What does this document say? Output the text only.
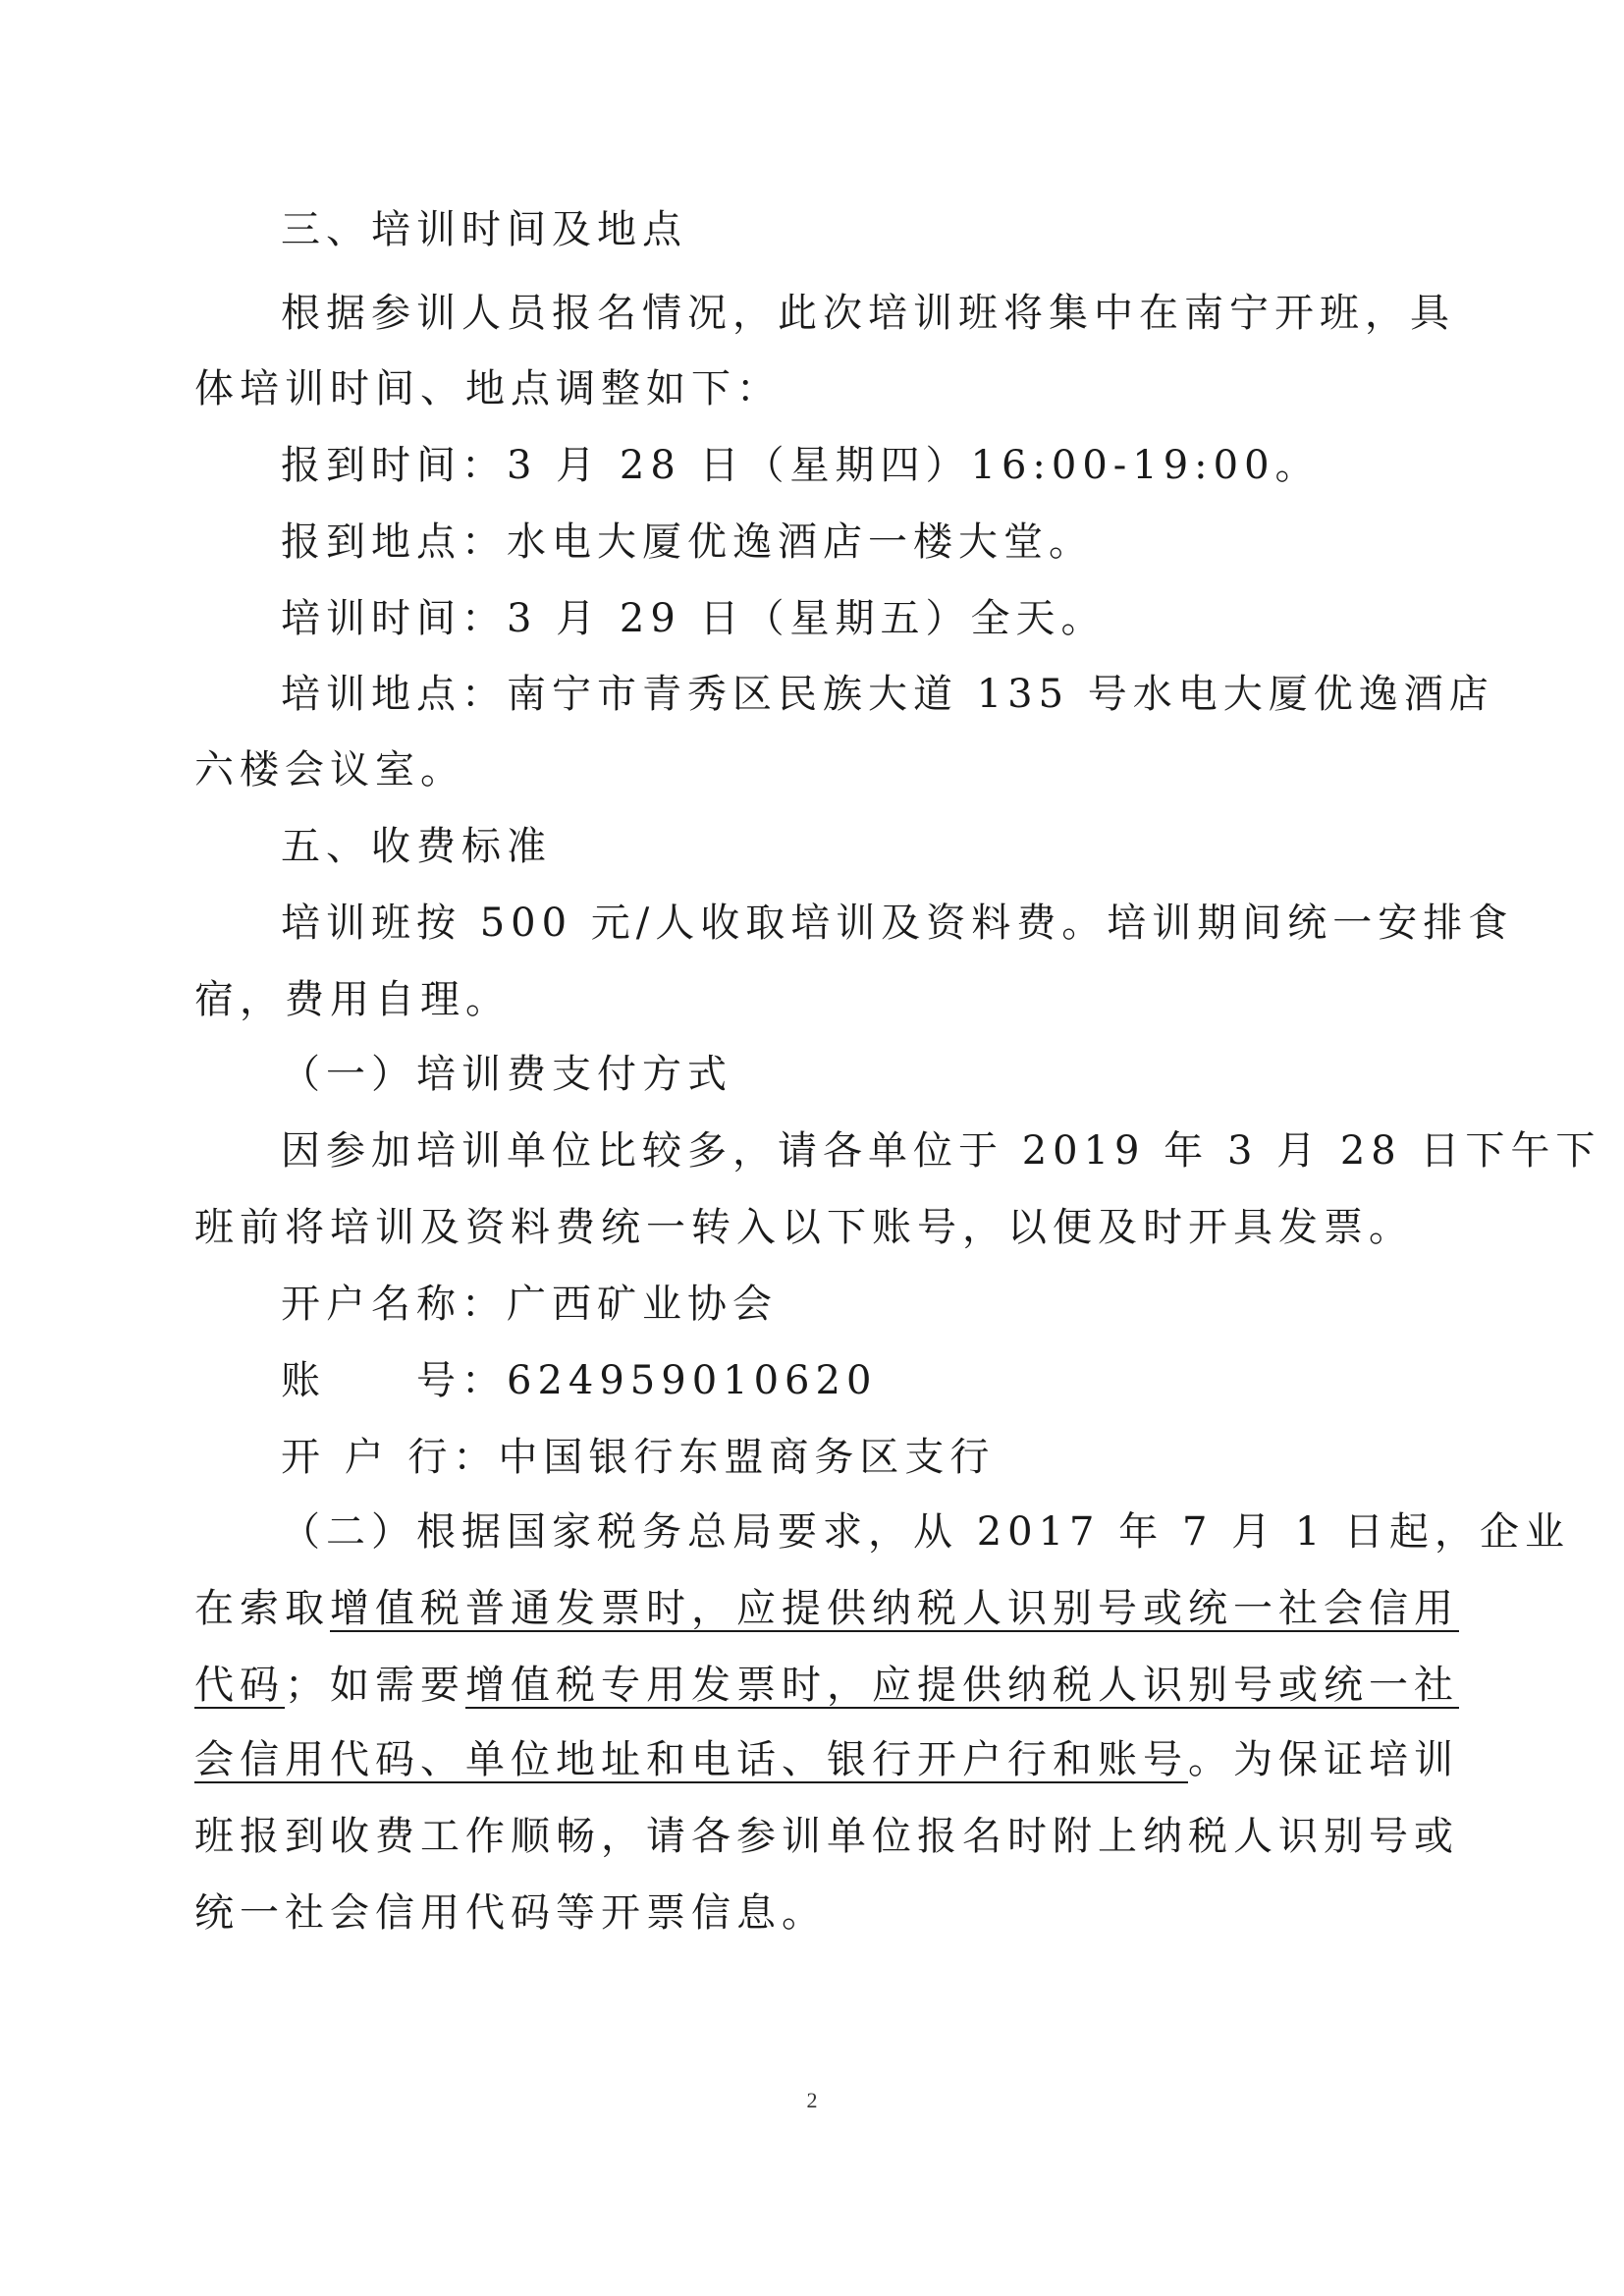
三、培训时间及地点
根据参训人员报名情况，此次培训班将集中在南宁开班，具
体培训时间、地点调整如下：
报到时间：3 月 28 日（星期四）16:00-19:00。
报到地点：水电大厦优逸酒店一楼大堂。
培训时间：3 月 29 日（星期五）全天。
培训地点：南宁市青秀区民族大道 135 号水电大厦优逸酒店
六楼会议室。
五、收费标准
培训班按 500 元/人收取培训及资料费。培训期间统一安排食
宿，费用自理。
（一）培训费支付方式
因参加培训单位比较多，请各单位于 2019 年 3 月 28 日下午下
班前将培训及资料费统一转入以下账号，以便及时开具发票。
开户名称：广西矿业协会
账　　号：624959010620
开 户 行：中国银行东盟商务区支行
（二）根据国家税务总局要求，从 2017 年 7 月 1 日起，企业
在索取增值税普通发票时，应提供纳税人识别号或统一社会信用
代码；如需要增值税专用发票时，应提供纳税人识别号或统一社
会信用代码、单位地址和电话、银行开户行和账号。为保证培训
班报到收费工作顺畅，请各参训单位报名时附上纳税人识别号或
统一社会信用代码等开票信息。
2
